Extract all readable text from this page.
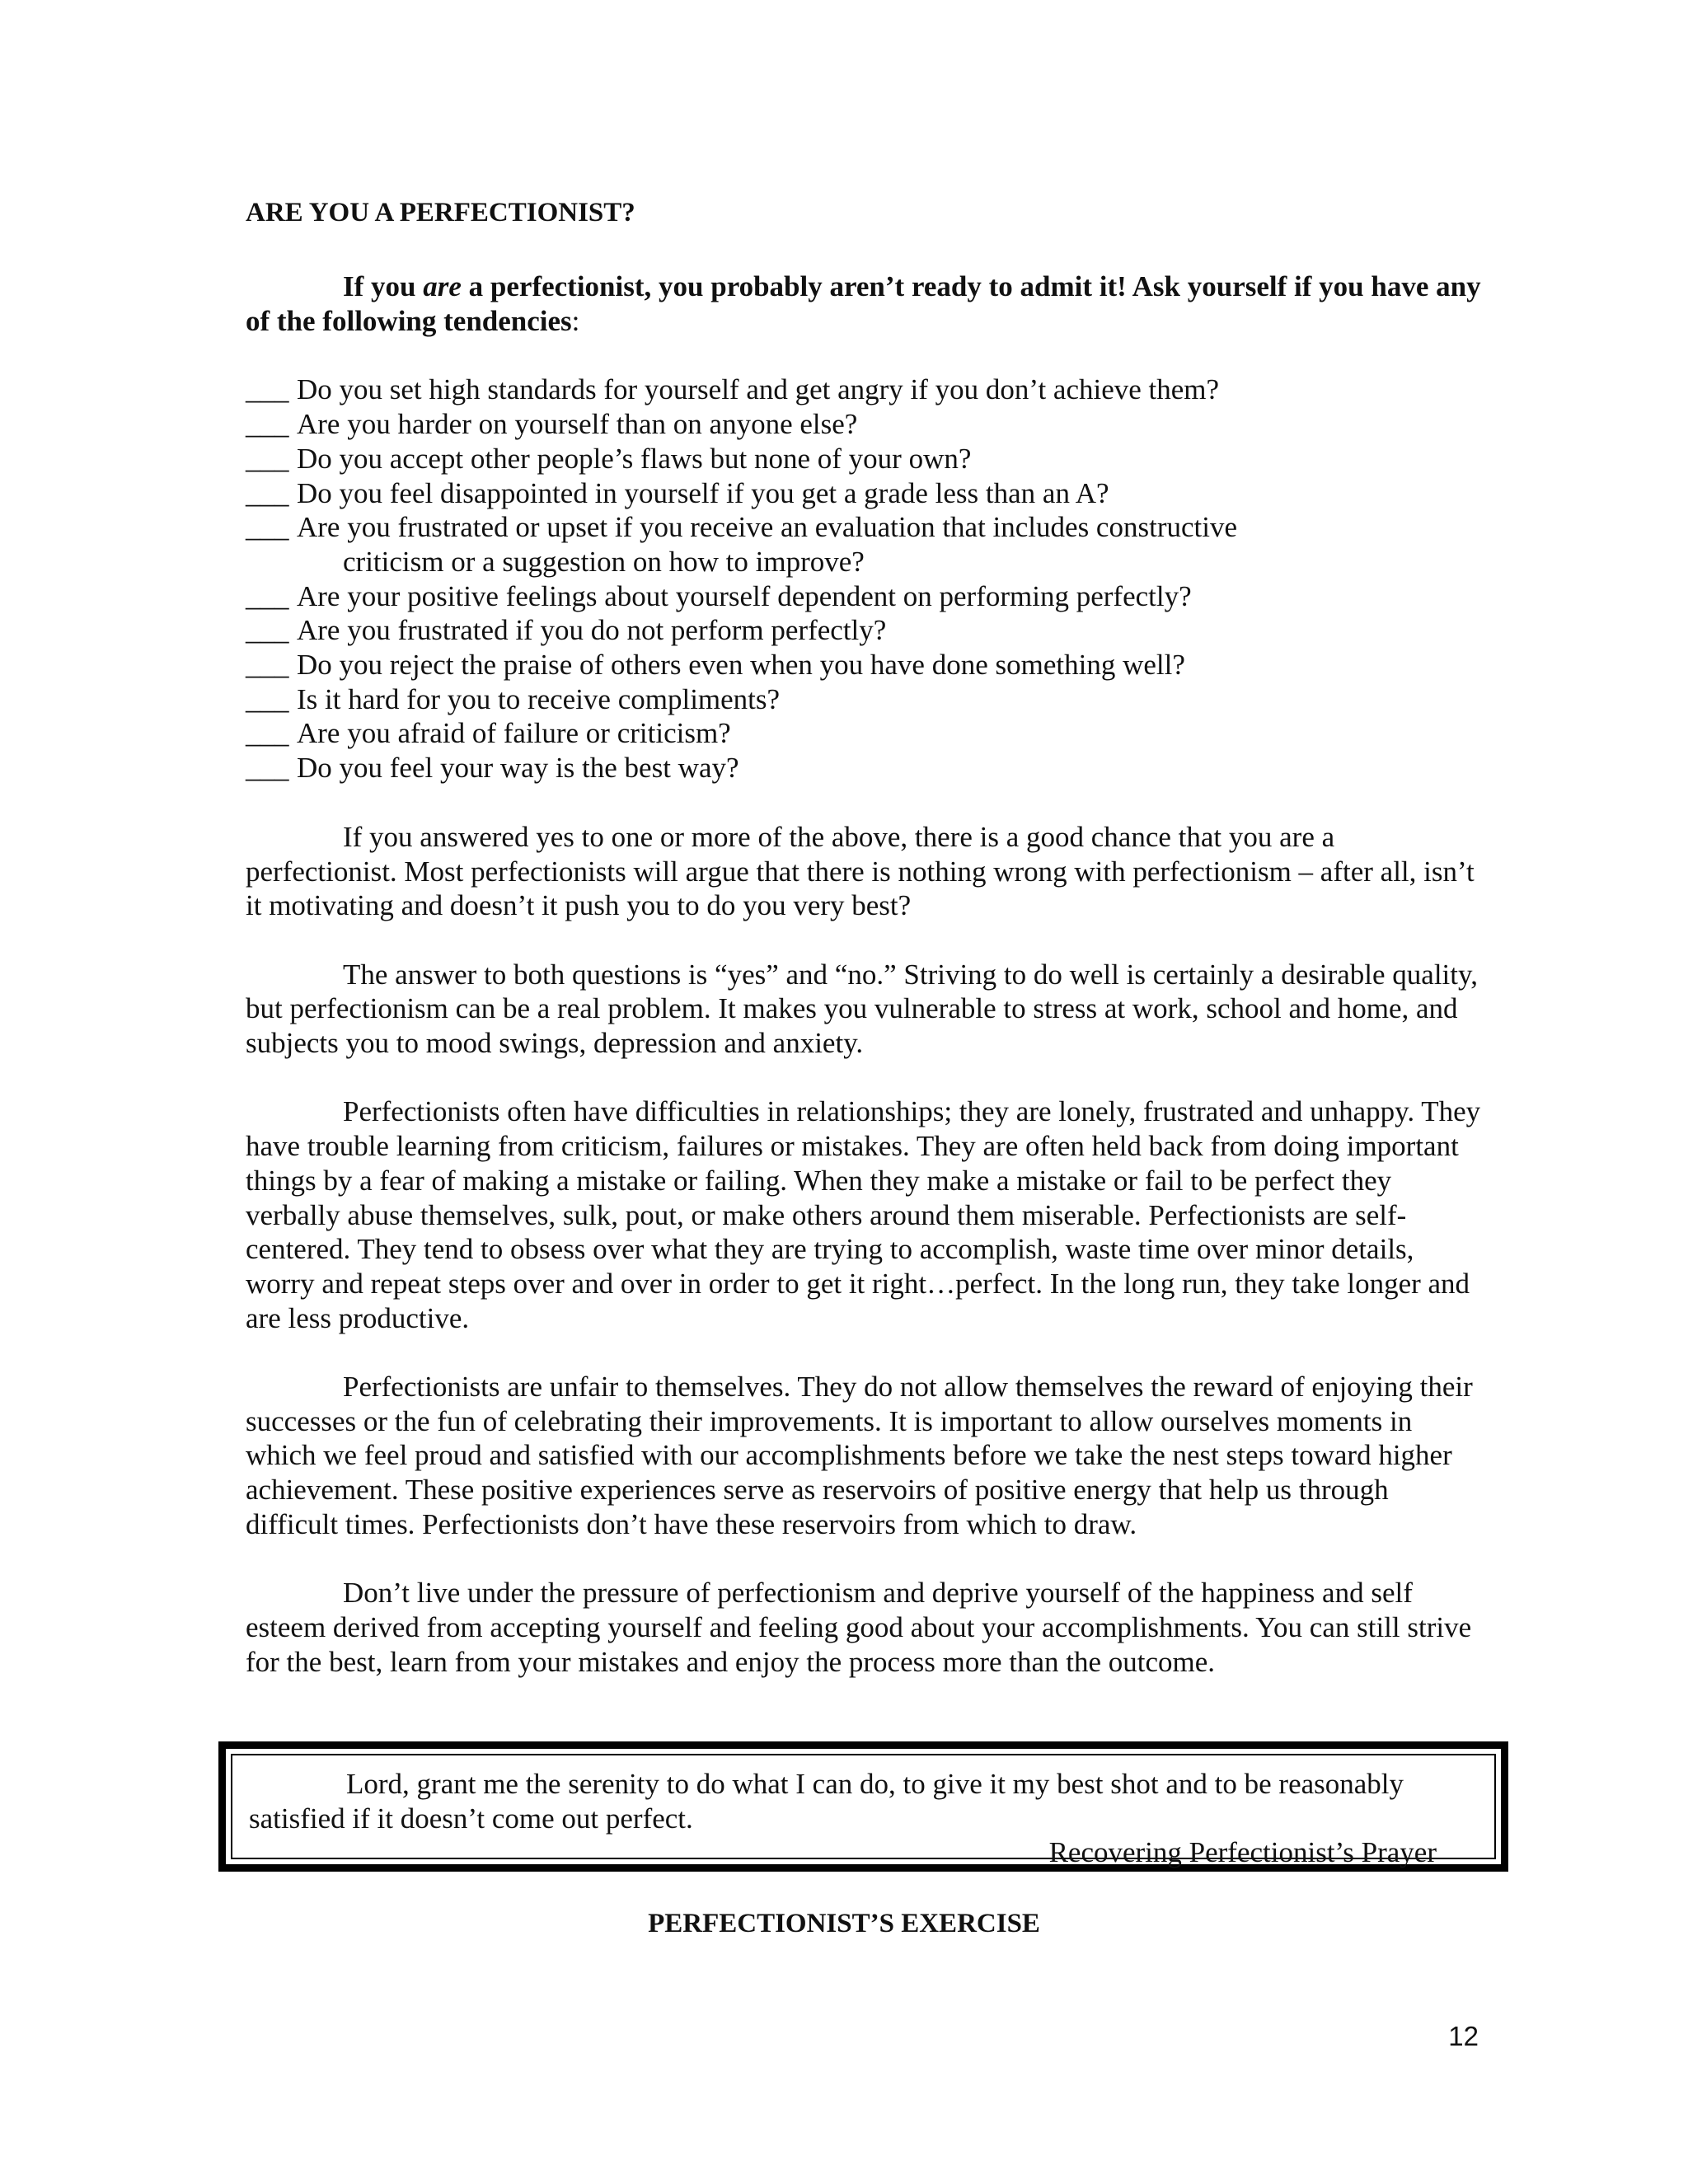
ARE YOU A PERFECTIONIST?
If you are a perfectionist, you probably aren’t ready to admit it! Ask yourself if you have any of the following tendencies:
___ Do you set high standards for yourself and get angry if you don’t achieve them?
___ Are you harder on yourself than on anyone else?
___ Do you accept other people’s flaws but none of your own?
___ Do you feel disappointed in yourself if you get a grade less than an A?
___ Are you frustrated or upset if you receive an evaluation that includes constructive
criticism or a suggestion on how to improve?
___ Are your positive feelings about yourself dependent on performing perfectly?
___ Are you frustrated if you do not perform perfectly?
___ Do you reject the praise of others even when you have done something well?
___ Is it hard for you to receive compliments?
___ Are you afraid of failure or criticism?
___ Do you feel your way is the best way?

If you answered yes to one or more of the above, there is a good chance that you are a perfectionist. Most perfectionists will argue that there is nothing wrong with perfectionism – after all, isn’t it motivating and doesn’t it push you to do you very best?

The answer to both questions is “yes” and “no.” Striving to do well is certainly a desirable quality, but perfectionism can be a real problem. It makes you vulnerable to stress at work, school and home, and subjects you to mood swings, depression and anxiety.

Perfectionists often have difficulties in relationships; they are lonely, frustrated and unhappy. They have trouble learning from criticism, failures or mistakes. They are often held back from doing important things by a fear of making a mistake or failing. When they make a mistake or fail to be perfect they verbally abuse themselves, sulk, pout, or make others around them miserable. Perfectionists are self-centered. They tend to obsess over what they are trying to accomplish, waste time over minor details, worry and repeat steps over and over in order to get it right…perfect. In the long run, they take longer and are less productive.

Perfectionists are unfair to themselves. They do not allow themselves the reward of enjoying their successes or the fun of celebrating their improvements. It is important to allow ourselves moments in which we feel proud and satisfied with our accomplishments before we take the nest steps toward higher achievement. These positive experiences serve as reservoirs of positive energy that help us through difficult times. Perfectionists don’t have these reservoirs from which to draw.

Don’t live under the pressure of perfectionism and deprive yourself of the happiness and self esteem derived from accepting yourself and feeling good about your accomplishments. You can still strive for the best, learn from your mistakes and enjoy the process more than the outcome.

Lord, grant me the serenity to do what I can do, to give it my best shot and to be reasonably satisfied if it doesn’t come out perfect.

Recovering Perfectionist’s Prayer

PERFECTIONIST’S EXERCISE
12
